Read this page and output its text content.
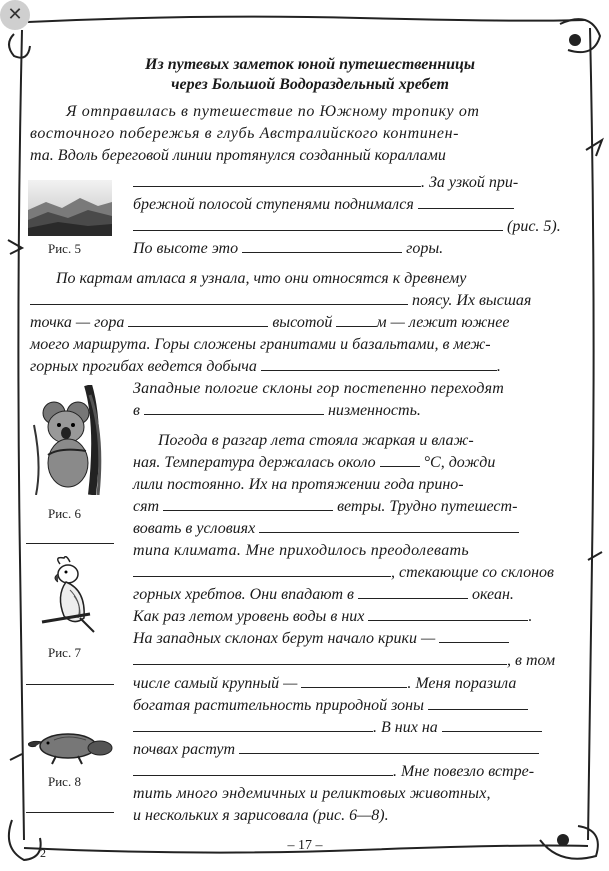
✕
Из путевых заметок юной путешественницы
через Большой Водораздельный хребет
Я отправилась в путешествие по Южному тропику от
восточного побережья в глубь Австралийского континен-
та. Вдоль береговой линии протянулся созданный кораллами
Рис. 5
. За узкой при-
брежной полосой ступенями поднимался
(рис. 5).
По высоте это	горы.
По картам атласа я узнала, что они относятся к древнему
поясу. Их высшая
точка — гора	высотой	м — лежит южнее
моего маршрута. Горы сложены гранитами и базальтами, в меж-
горных прогибах ведется добыча	.
Рис. 6
Западные пологие склоны гор постепенно переходят
в	низменность.
Погода в разгар лета стояла жаркая и влаж-
ная. Температура держалась около	°С, дожди
лили постоянно. Их на протяжении года прино-
сят	ветры. Трудно путешест-
вовать в условиях
типа климата. Мне приходилось преодолевать
, стекающие со склонов
горных хребтов. Они впадают в	океан.
Как раз летом уровень воды в них	.
На западных склонах берут начало крики —
, в том
Рис. 7
числе самый крупный —	. Меня поразила
богатая растительность природной зоны
. В них на
почвах растут
. Мне повезло встре-
тить много эндемичных и реликтовых животных,
и нескольких я зарисовала (рис. 6—8).
Рис. 8
2	– 17 –
